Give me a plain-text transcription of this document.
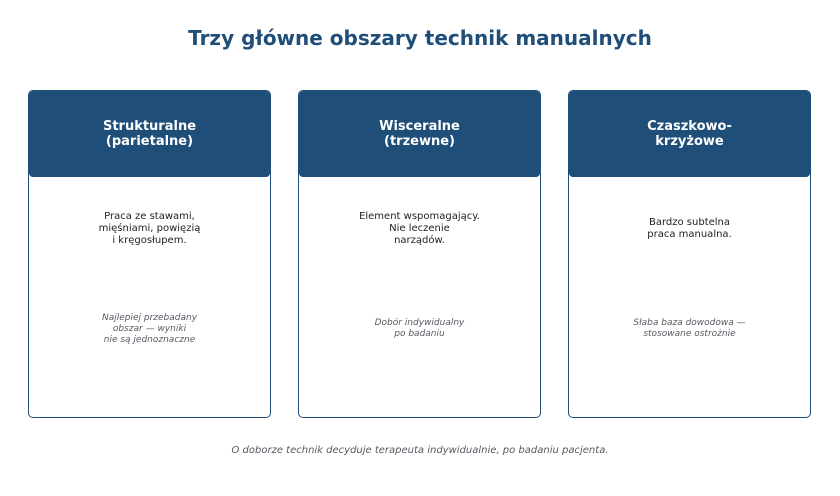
Trzy główne obszary technik manualnych
Strukturalne
(parietalne)
Praca ze stawami,
mięśniami, powięzią
i kręgosłupem.
Najlepiej przebadany
obszar — wyniki
nie są jednoznaczne
Wisceralne
(trzewne)
Element wspomagający.
Nie leczenie
narządów.
Dobór indywidualny
po badaniu
Czaszkowo-
krzyżowe
Bardzo subtelna
praca manualna.
Słaba baza dowodowa —
stosowane ostrożnie
O doborze technik decyduje terapeuta indywidualnie, po badaniu pacjenta.
